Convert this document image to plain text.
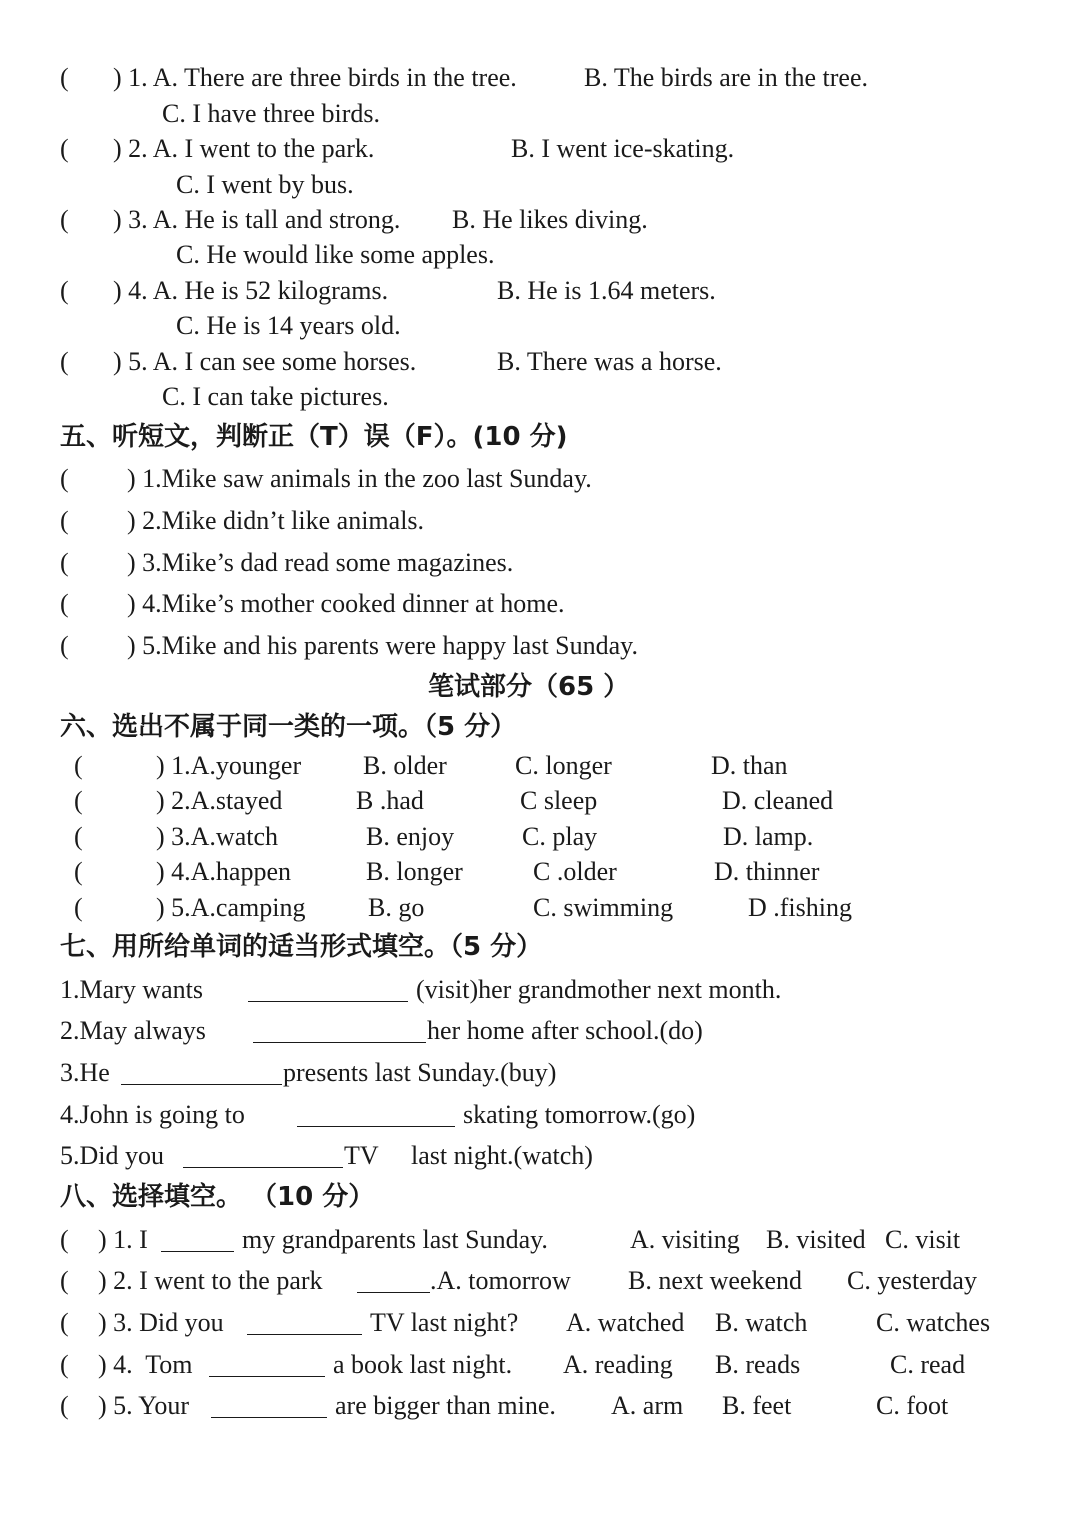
( ) 1. A. There are three birds in the tree.	B. The birds are in the tree.
C. I have three birds.
( ) 2. A. I went to the park.	B. I went ice-skating.
C. I went by bus.
( ) 3. A. He is tall and strong. B. He likes diving.
C. He would like some apples.
( ) 4. A. He is 52 kilograms.	B. He is 1.64 meters.
C. He is 14 years old.
( ) 5. A. I can see some horses.	B. There was a horse.
C. I can take pictures.
五、听短文，判断正（T）误（F）。(10 分)
( ) 1.Mike saw animals in the zoo last Sunday.
( ) 2.Mike didn’t like animals.
( ) 3.Mike’s dad read some magazines.
( ) 4.Mike’s mother cooked dinner at home.
( ) 5.Mike and his parents were happy last Sunday.
笔试部分（65 ）
六、选出不属于同一类的一项。（5 分）
(	) 1.A.younger B. older	C. longer	D. than
(	) 2.A.stayed	B .had	C sleep	D. cleaned
(	) 3.A.watch	B. enjoy	C. play	D. lamp.
(	) 4.A.happen	B. longer	C .older	D. thinner
(	) 5.A.camping B. go	C. swimming	D .fishing
七、用所给单词的适当形式填空。（5 分）
1.Mary wants	(visit)her grandmother next month.
2.May always	her home after school.(do)
3.He	presents last Sunday.(buy)
4.John is going to	skating tomorrow.(go)
5.Did you	TV last night.(watch)
八、选择填空。 （10 分）
( ) 1. I	my grandparents last Sunday.	A. visiting B. visited C. visit
( ) 2. I went to the park	.A. tomorrow B. next weekend C. yesterday
( ) 3. Did you	TV last night? A. watched B. watch	C. watches
( ) 4.  Tom	a book last night. A. reading B. reads	C. read
( ) 5. Your	are bigger than mine. A. arm B. feet	C. foot
